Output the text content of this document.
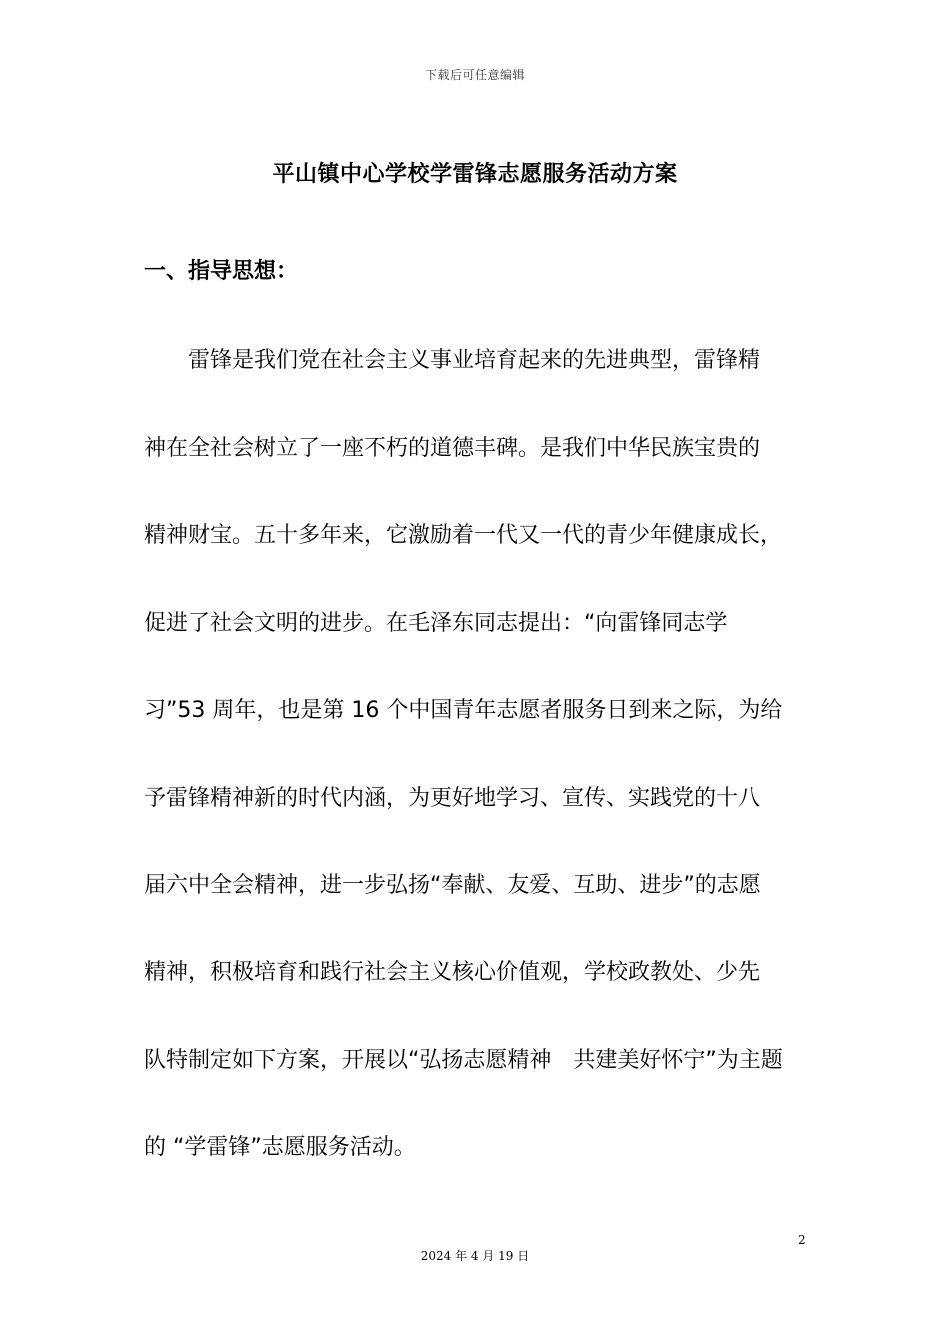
下载后可任意编辑
平山镇中心学校学雷锋志愿服务活动方案
一、指导思想：

雷锋是我们党在社会主义事业培育起来的先进典型，雷锋精

神在全社会树立了一座不朽的道德丰碑。是我们中华民族宝贵的

精神财宝。五十多年来，它激励着一代又一代的青少年健康成长，

促进了社会文明的进步。在毛泽东同志提出：“向雷锋同志学

习”53 周年，也是第 16 个中国青年志愿者服务日到来之际，为给

予雷锋精神新的时代内涵，为更好地学习、宣传、实践党的十八

届六中全会精神，进一步弘扬“奉献、友爱、互助、进步”的志愿

精神，积极培育和践行社会主义核心价值观，学校政教处、少先

队特制定如下方案，开展以“弘扬志愿精神　共建美好怀宁”为主题

的 “学雷锋”志愿服务活动。

2
2024 年 4 月 19 日
